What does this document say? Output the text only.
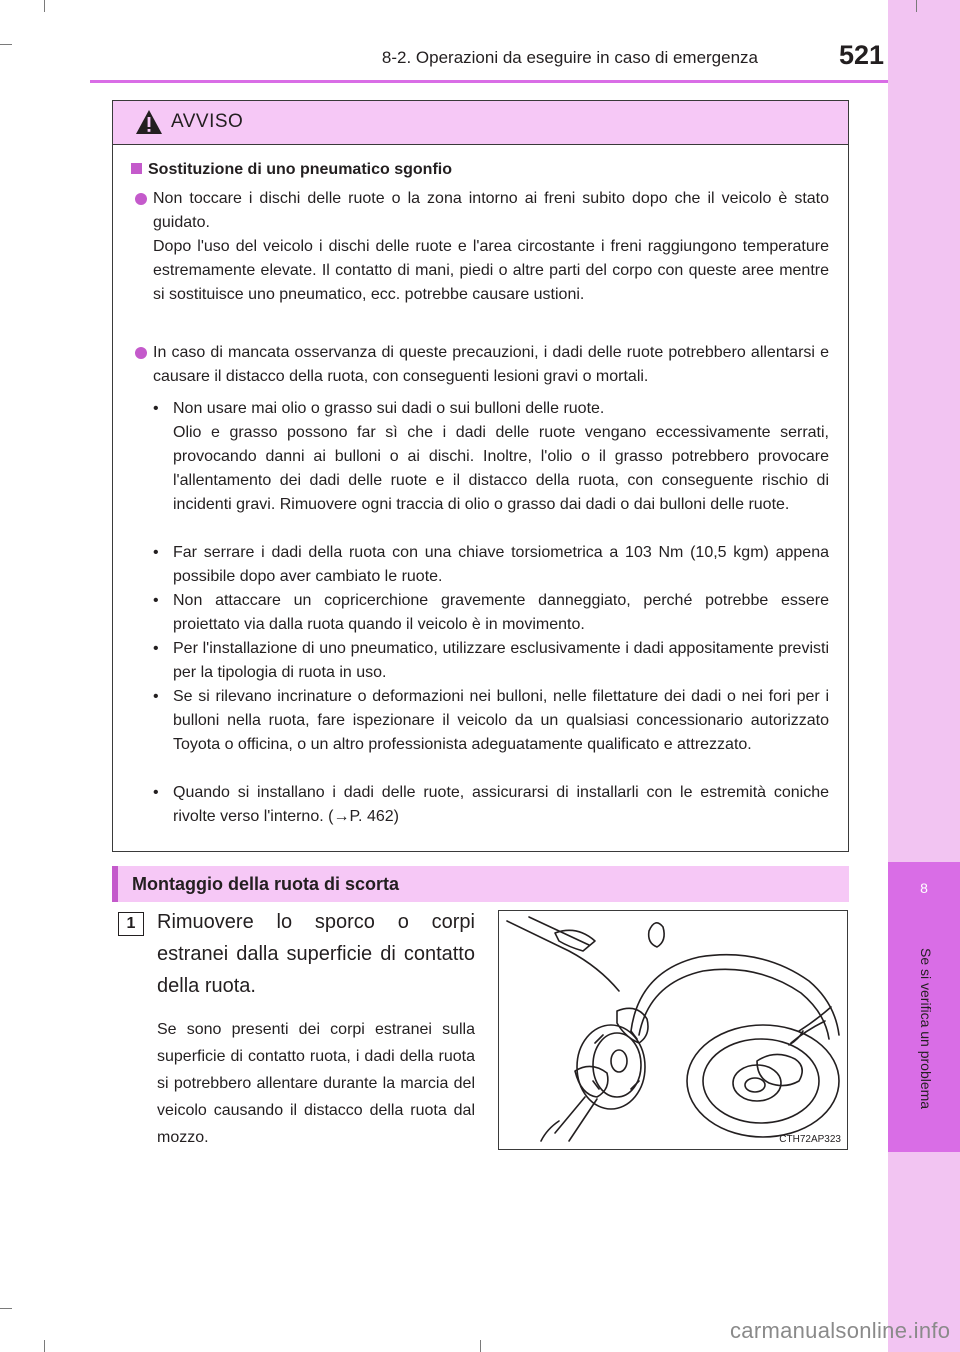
8
Se si verifica un problema
8-2. Operazioni da eseguire in caso di emergenza	521
AVVISO
Sostituzione di uno pneumatico sgonfio
Non toccare i dischi delle ruote o la zona intorno ai freni subito dopo che il veicolo è stato guidato.
Dopo l'uso del veicolo i dischi delle ruote e l'area circostante i freni raggiungono temperature estremamente elevate. Il contatto di mani, piedi o altre parti del corpo con queste aree mentre si sostituisce uno pneumatico, ecc. potrebbe causare ustioni.
In caso di mancata osservanza di queste precauzioni, i dadi delle ruote potrebbero allentarsi e causare il distacco della ruota, con conseguenti lesioni gravi o mortali.
• Non usare mai olio o grasso sui dadi o sui bulloni delle ruote.
Olio e grasso possono far sì che i dadi delle ruote vengano eccessivamente serrati, provocando danni ai bulloni o ai dischi. Inoltre, l'olio o il grasso potrebbero provocare l'allentamento dei dadi delle ruote e il distacco della ruota, con conseguente rischio di incidenti gravi. Rimuovere ogni traccia di olio o grasso dai dadi o dai bulloni delle ruote.
• Far serrare i dadi della ruota con una chiave torsiometrica a 103 Nm (10,5 kgm) appena possibile dopo aver cambiato le ruote.
• Non attaccare un copricerchione gravemente danneggiato, perché potrebbe essere proiettato via dalla ruota quando il veicolo è in movimento.
• Per l'installazione di uno pneumatico, utilizzare esclusivamente i dadi appositamente previsti per la tipologia di ruota in uso.
• Se si rilevano incrinature o deformazioni nei bulloni, nelle filettature dei dadi o nei fori per i bulloni nella ruota, fare ispezionare il veicolo da un qualsiasi concessionario autorizzato Toyota o officina, o un altro professionista adeguatamente qualificato e attrezzato.
• Quando si installano i dadi delle ruote, assicurarsi di installarli con le estremità coniche rivolte verso l'interno. (→P. 462)
Montaggio della ruota di scorta
1	Rimuovere lo sporco o corpi estranei dalla superficie di contatto della ruota.
Se sono presenti dei corpi estranei sulla superficie di contatto ruota, i dadi della ruota si potrebbero allentare durante la marcia del veicolo causando il distacco della ruota dal mozzo.	CTH72AP323
carmanualsonline.info
